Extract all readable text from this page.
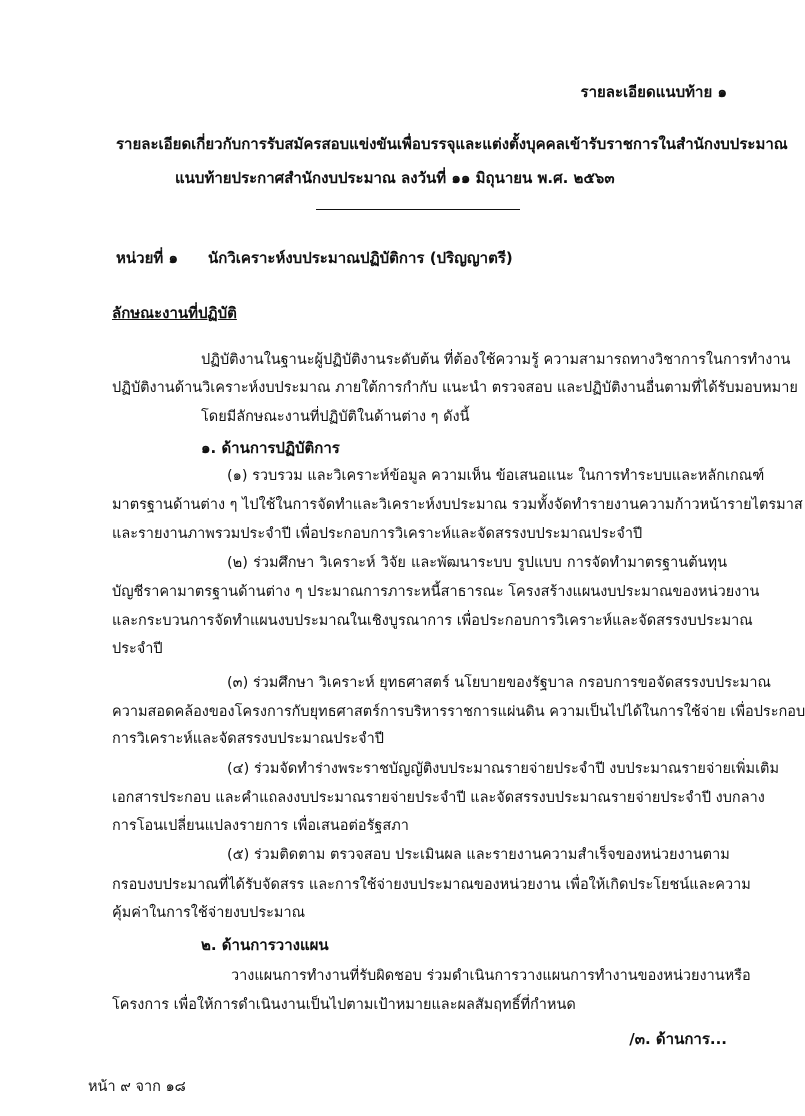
รายละเอียดแนบท้าย ๑
รายละเอียดเกี่ยวกับการรับสมัครสอบแข่งขันเพื่อบรรจุและแต่งตั้งบุคคลเข้ารับราชการในสำนักงบประมาณ
แนบท้ายประกาศสำนักงบประมาณ ลงวันที่ ๑๑ มิถุนายน พ.ศ. ๒๕๖๓
หน่วยที่ ๑ นักวิเคราะห์งบประมาณปฏิบัติการ (ปริญญาตรี)
ลักษณะงานที่ปฏิบัติ
ปฏิบัติงานในฐานะผู้ปฏิบัติงานระดับต้น ที่ต้องใช้ความรู้ ความสามารถทางวิชาการในการทำงาน
ปฏิบัติงานด้านวิเคราะห์งบประมาณ ภายใต้การกำกับ แนะนำ ตรวจสอบ และปฏิบัติงานอื่นตามที่ได้รับมอบหมาย
โดยมีลักษณะงานที่ปฏิบัติในด้านต่าง ๆ ดังนี้
๑. ด้านการปฏิบัติการ
(๑) รวบรวม และวิเคราะห์ข้อมูล ความเห็น ข้อเสนอแนะ ในการทำระบบและหลักเกณฑ์
มาตรฐานด้านต่าง ๆ ไปใช้ในการจัดทำและวิเคราะห์งบประมาณ รวมทั้งจัดทำรายงานความก้าวหน้ารายไตรมาส
และรายงานภาพรวมประจำปี เพื่อประกอบการวิเคราะห์และจัดสรรงบประมาณประจำปี
(๒) ร่วมศึกษา วิเคราะห์ วิจัย และพัฒนาระบบ รูปแบบ การจัดทำมาตรฐานต้นทุน
บัญชีราคามาตรฐานด้านต่าง ๆ ประมาณการภาระหนี้สาธารณะ โครงสร้างแผนงบประมาณของหน่วยงาน
และกระบวนการจัดทำแผนงบประมาณในเชิงบูรณาการ เพื่อประกอบการวิเคราะห์และจัดสรรงบประมาณ
ประจำปี
(๓) ร่วมศึกษา วิเคราะห์ ยุทธศาสตร์ นโยบายของรัฐบาล กรอบการขอจัดสรรงบประมาณ
ความสอดคล้องของโครงการกับยุทธศาสตร์การบริหารราชการแผ่นดิน ความเป็นไปได้ในการใช้จ่าย เพื่อประกอบ
การวิเคราะห์และจัดสรรงบประมาณประจำปี
(๔) ร่วมจัดทำร่างพระราชบัญญัติงบประมาณรายจ่ายประจำปี งบประมาณรายจ่ายเพิ่มเติม
เอกสารประกอบ และคำแถลงงบประมาณรายจ่ายประจำปี และจัดสรรงบประมาณรายจ่ายประจำปี งบกลาง
การโอนเปลี่ยนแปลงรายการ เพื่อเสนอต่อรัฐสภา
(๕) ร่วมติดตาม ตรวจสอบ ประเมินผล และรายงานความสำเร็จของหน่วยงานตาม
กรอบงบประมาณที่ได้รับจัดสรร และการใช้จ่ายงบประมาณของหน่วยงาน เพื่อให้เกิดประโยชน์และความ
คุ้มค่าในการใช้จ่ายงบประมาณ
๒. ด้านการวางแผน
วางแผนการทำงานที่รับผิดชอบ ร่วมดำเนินการวางแผนการทำงานของหน่วยงานหรือ
โครงการ เพื่อให้การดำเนินงานเป็นไปตามเป้าหมายและผลสัมฤทธิ์ที่กำหนด
/๓. ด้านการ...
หน้า ๙ จาก ๑๘
